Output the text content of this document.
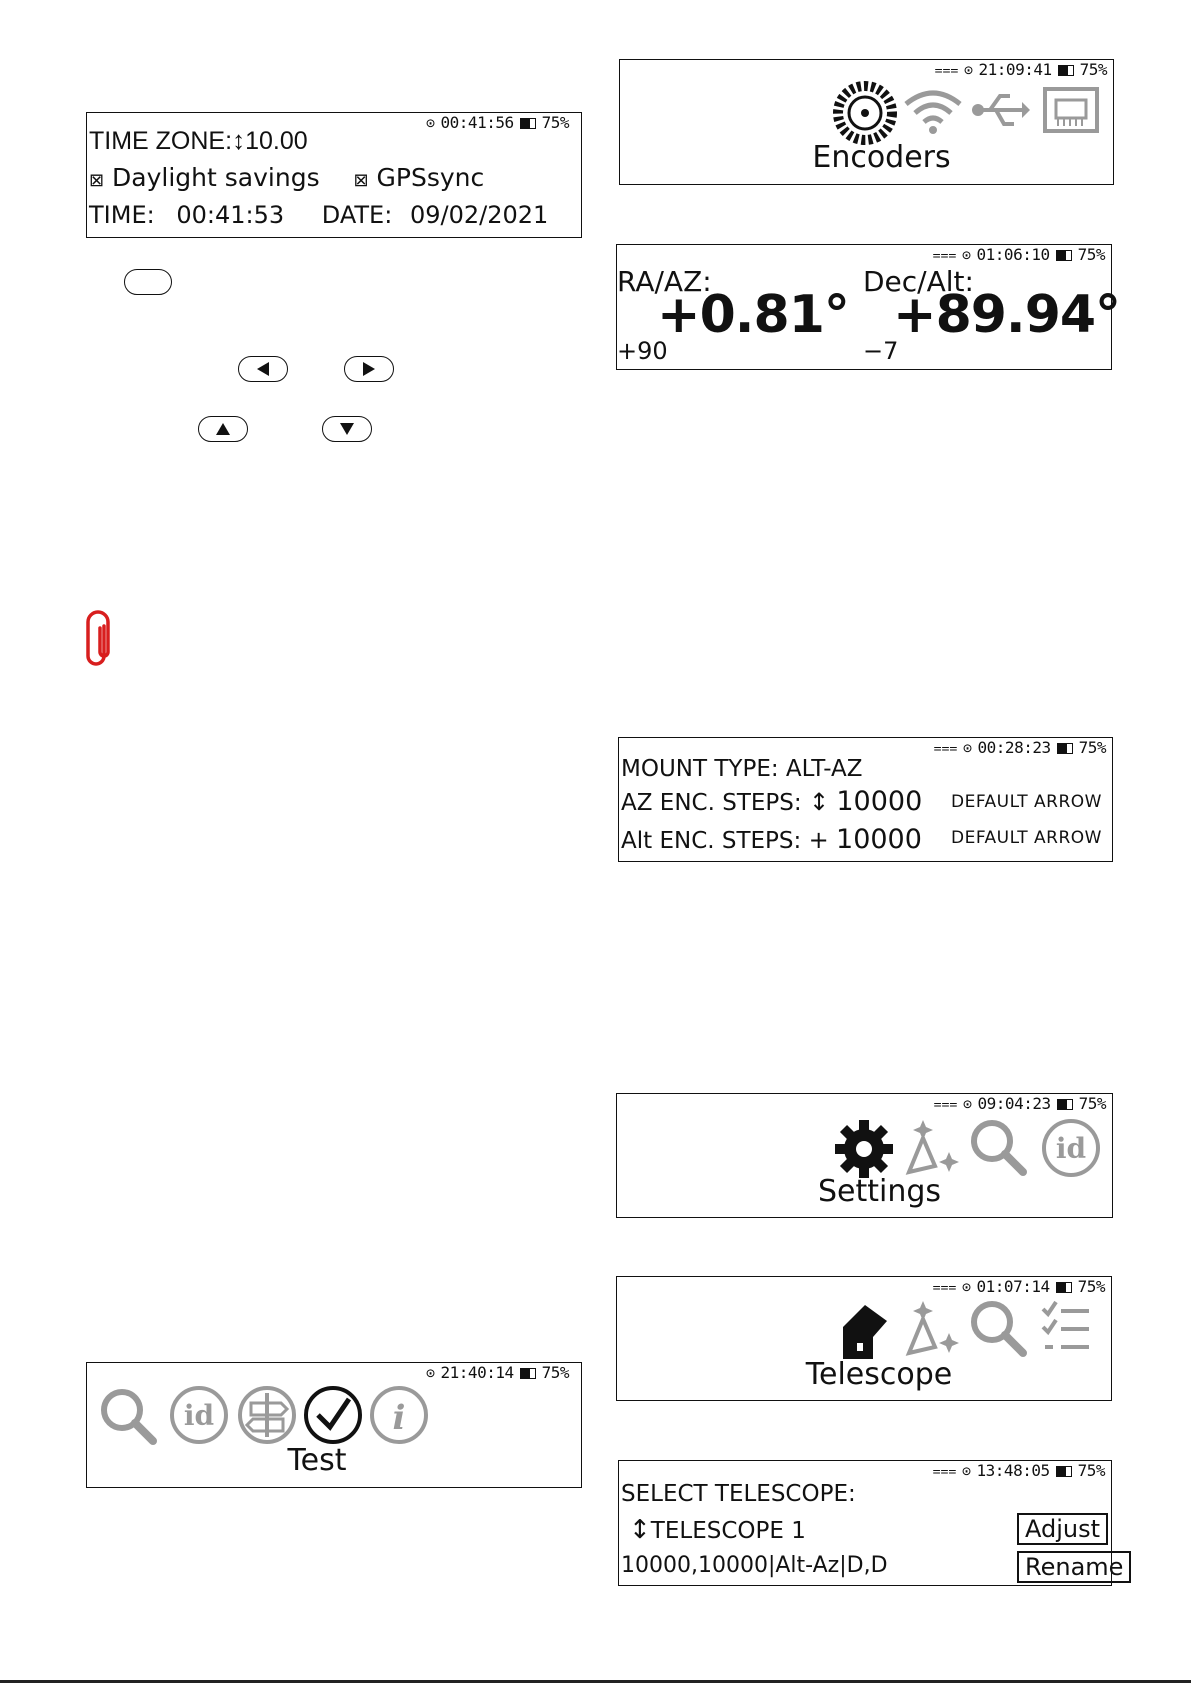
⊙ 00:41:56 75%
TIME ZONE:↕10.00
⊠ Daylight savings ⊠ GPSsync
TIME: 00:41:53 DATE: 09/02/2021
⩶ ⊙ 21:09:41 75%
Encoders
⩶ ⊙ 01:06:10 75%
RA/AZ:
+0.81°
+90
Dec/Alt:
+89.94°
−7
⩶ ⊙ 00:28:23 75%
MOUNT TYPE: ALT-AZ
AZ ENC. STEPS: ↕ 10000 DEFAULT ARROW
Alt ENC. STEPS: + 10000 DEFAULT ARROW
⩶ ⊙ 09:04:23 75%
id
Settings
⩶ ⊙ 01:07:14 75%
Telescope
⊙ 21:40:14 75%
id	i
Test	⩶ ⊙ 13:48:05 75%
SELECT TELESCOPE:
↕TELESCOPE 1
10000,10000|Alt-Az|D,D
Adjust
Rename
